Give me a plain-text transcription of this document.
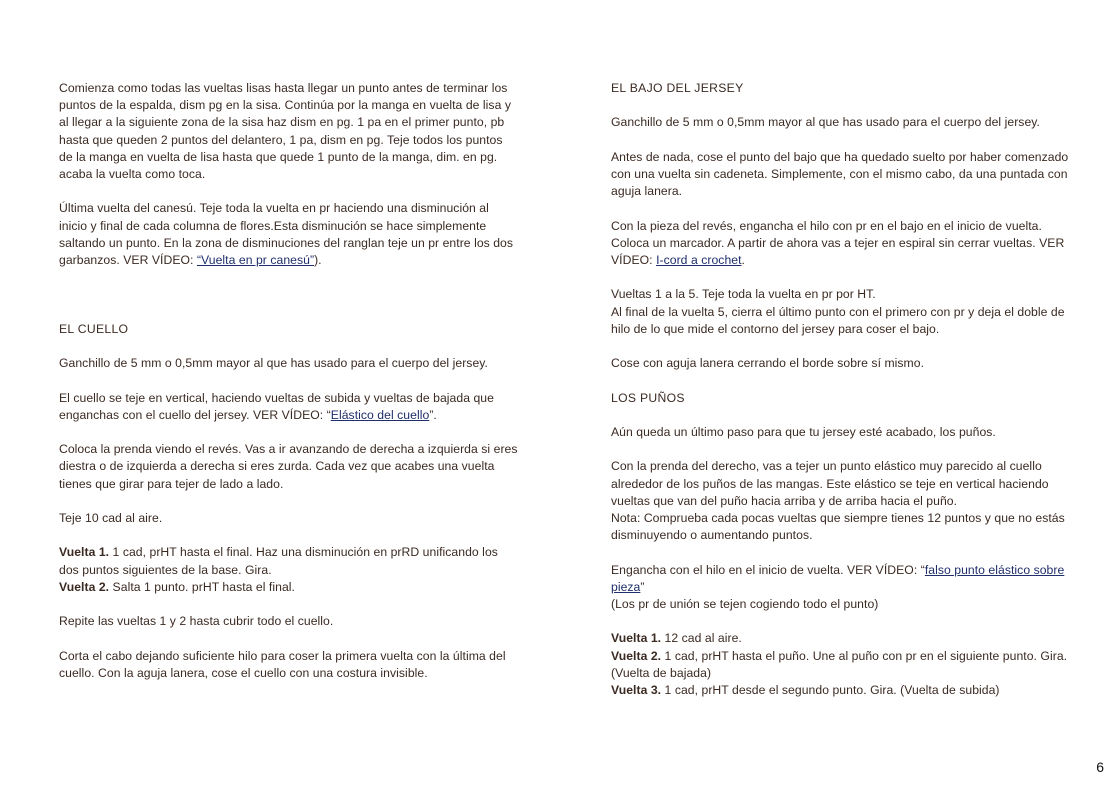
Comienza como todas las vueltas lisas hasta llegar un punto antes de terminar los puntos de la espalda, dism pg en la sisa. Continúa por la manga en vuelta de lisa y al llegar a la siguiente zona de la sisa haz dism en pg. 1 pa en el primer punto, pb hasta que queden 2 puntos del delantero, 1 pa, dism en pg. Teje todos los puntos de la manga en vuelta de lisa hasta que quede 1 punto de la manga, dim. en pg. acaba la vuelta como toca.

Última vuelta del canesú. Teje toda la vuelta en pr haciendo una disminución al inicio y final de cada columna de flores.Esta disminución se hace simplemente saltando un punto. En la zona de disminuciones del ranglan teje un pr entre los dos garbanzos. VER VÍDEO: “Vuelta en pr canesú”).

EL CUELLO

Ganchillo de 5 mm o 0,5mm mayor al que has usado para el cuerpo del jersey.

El cuello se teje en vertical, haciendo vueltas de subida y vueltas de bajada que enganchas con el cuello del jersey. VER VÍDEO: “Elástico del cuello”.

Coloca la prenda viendo el revés. Vas a ir avanzando de derecha a izquierda si eres diestra o de izquierda a derecha si eres zurda. Cada vez que acabes una vuelta tienes que girar para tejer de lado a lado.

Teje 10 cad al aire.

Vuelta 1. 1 cad, prHT hasta el final. Haz una disminución en prRD unificando los dos puntos siguientes de la base. Gira.

Vuelta 2. Salta 1 punto. prHT hasta el final.

Repite las vueltas 1 y 2 hasta cubrir todo el cuello.

Corta el cabo dejando suficiente hilo para coser la primera vuelta con la última del cuello. Con la aguja lanera, cose el cuello con una costura invisible.

EL BAJO DEL JERSEY

Ganchillo de 5 mm o 0,5mm mayor al que has usado para el cuerpo del jersey.

Antes de nada, cose el punto del bajo que ha quedado suelto por haber comenzado con una vuelta sin cadeneta. Simplemente, con el mismo cabo, da una puntada con aguja lanera.

Con la pieza del revés, engancha el hilo con pr en el bajo en el inicio de vuelta. Coloca un marcador. A partir de ahora vas a tejer en espiral sin cerrar vueltas. VER VÍDEO: I-cord a crochet.

Vueltas 1 a la 5. Teje toda la vuelta en pr por HT.

Al final de la vuelta 5, cierra el último punto con el primero con pr y deja el doble de hilo de lo que mide el contorno del jersey para coser el bajo.

Cose con aguja lanera cerrando el borde sobre sí mismo.

LOS PUÑOS

Aún queda un último paso para que tu jersey esté acabado, los puños.

Con la prenda del derecho, vas a tejer un punto elástico muy parecido al cuello alrededor de los puños de las mangas. Este elástico se teje en vertical haciendo vueltas que van del puño hacia arriba y de arriba hacia el puño.

Nota: Comprueba cada pocas vueltas que siempre tienes 12 puntos y que no estás disminuyendo o aumentando puntos.

Engancha con el hilo en el inicio de vuelta. VER VÍDEO: “falso punto elástico sobre pieza”

(Los pr de unión se tejen cogiendo todo el punto)

Vuelta 1. 12 cad al aire.

Vuelta 2. 1 cad, prHT hasta el puño. Une al puño con pr en el siguiente punto. Gira. (Vuelta de bajada)

Vuelta 3. 1 cad, prHT desde el segundo punto. Gira. (Vuelta de subida)

6
